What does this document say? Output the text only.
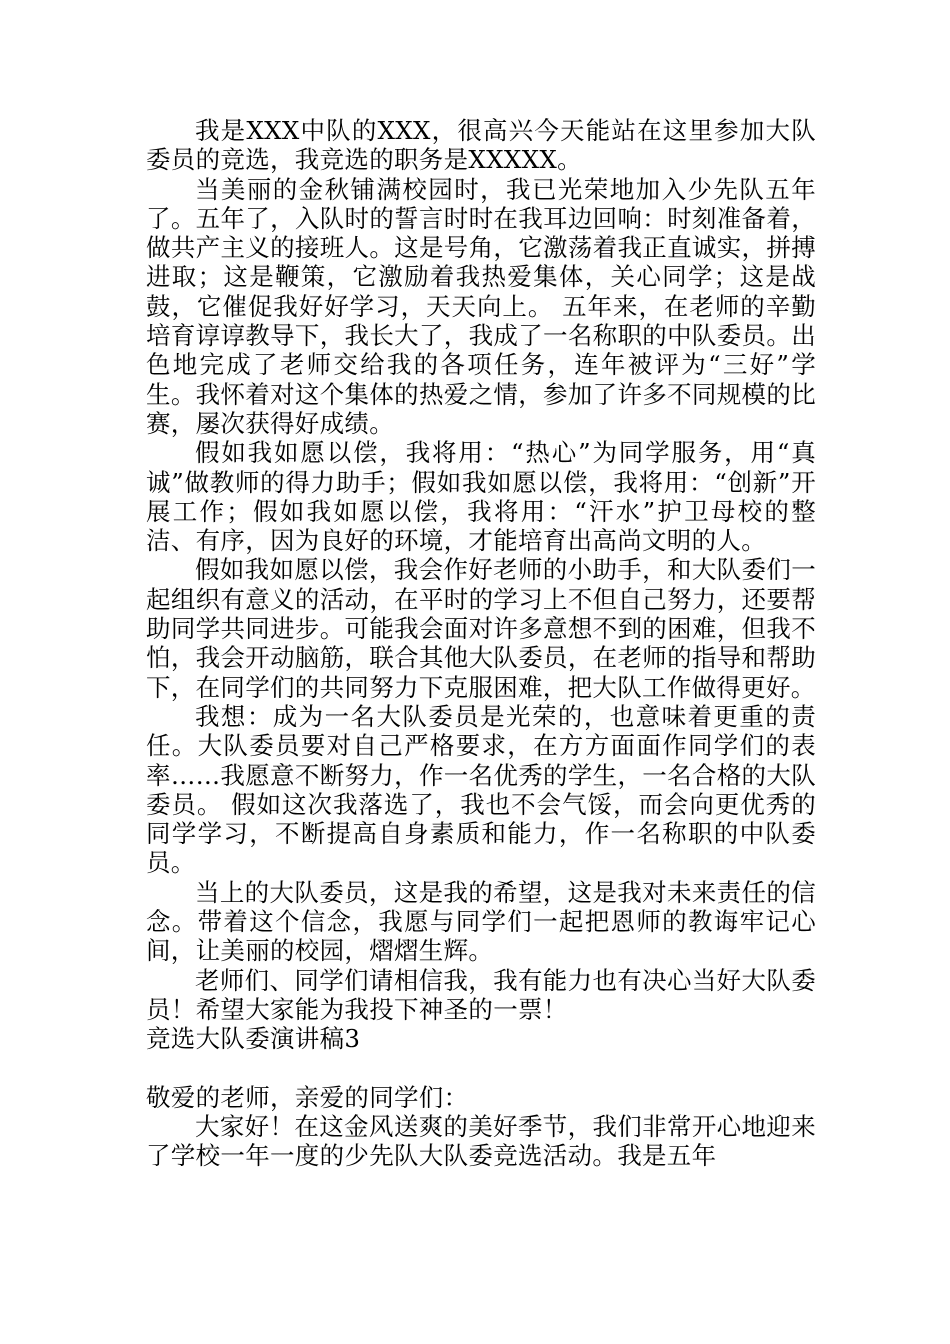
我是XXX中队的XXX，很高兴今天能站在这里参加大队委员的竞选，我竞选的职务是XXXXX。

当美丽的金秋铺满校园时，我已光荣地加入少先队五年了。五年了，入队时的誓言时时在我耳边回响：时刻准备着，做共产主义的接班人。这是号角，它激荡着我正直诚实，拼搏进取；这是鞭策，它激励着我热爱集体，关心同学；这是战鼓，它催促我好好学习，天天向上。 五年来，在老师的辛勤培育谆谆教导下，我长大了，我成了一名称职的中队委员。出色地完成了老师交给我的各项任务，连年被评为“三好”学生。我怀着对这个集体的热爱之情，参加了许多不同规模的比赛，屡次获得好成绩。

假如我如愿以偿，我将用：“热心”为同学服务，用“真诚”做教师的得力助手；假如我如愿以偿，我将用：“创新”开展工作；假如我如愿以偿，我将用：“汗水”护卫母校的整洁、有序，因为良好的环境，才能培育出高尚文明的人。

假如我如愿以偿，我会作好老师的小助手，和大队委们一起组织有意义的活动，在平时的学习上不但自己努力，还要帮助同学共同进步。可能我会面对许多意想不到的困难，但我不怕，我会开动脑筋，联合其他大队委员，在老师的指导和帮助下，在同学们的共同努力下克服困难，把大队工作做得更好。

我想：成为一名大队委员是光荣的，也意味着更重的责任。大队委员要对自己严格要求，在方方面面作同学们的表率……我愿意不断努力，作一名优秀的学生，一名合格的大队委员。 假如这次我落选了，我也不会气馁，而会向更优秀的同学学习，不断提高自身素质和能力，作一名称职的中队委员。

当上的大队委员，这是我的希望，这是我对未来责任的信念。带着这个信念，我愿与同学们一起把恩师的教诲牢记心间，让美丽的校园，熠熠生辉。

老师们、同学们请相信我，我有能力也有决心当好大队委员！希望大家能为我投下神圣的一票！

竞选大队委演讲稿3

敬爱的老师，亲爱的同学们：

大家好！在这金风送爽的美好季节，我们非常开心地迎来了学校一年一度的少先队大队委竞选活动。我是五年
